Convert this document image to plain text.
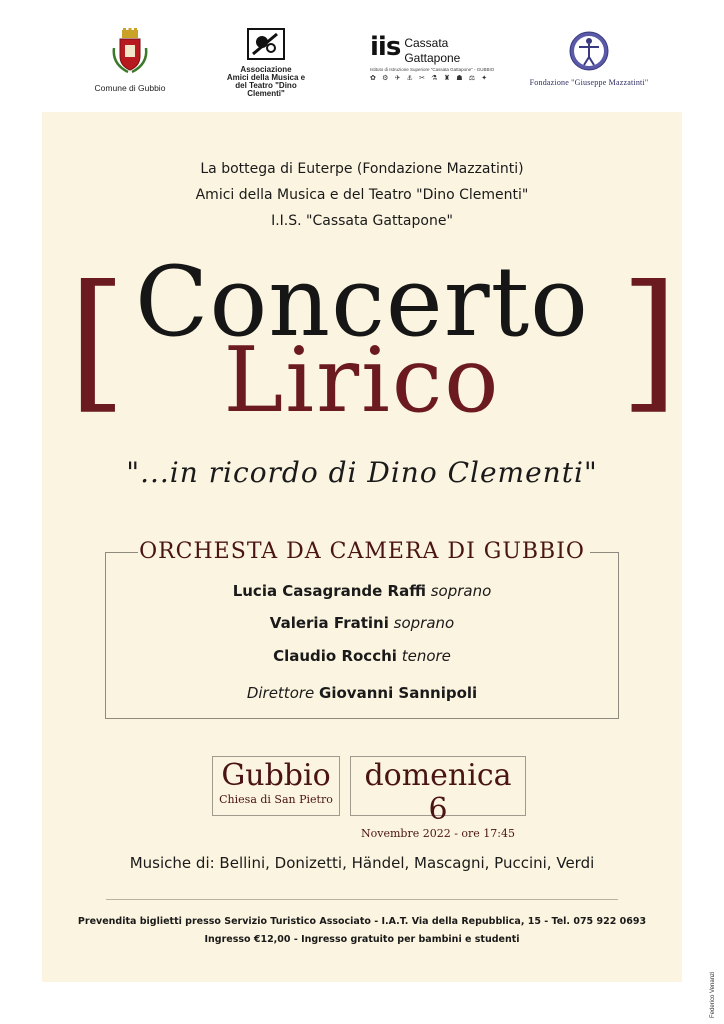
Comune di Gubbio
Associazione
Amici della Musica e
del Teatro "Dino Clementi"
iis Cassata
Gattapone
Istituto di Istruzione Superiore "Cassata Gattapone" - GUBBIO
✿ ⚙ ✈ ⚓ ✂ ⚗ ♜ ☗ ⚖ ✦	Fondazione "Giuseppe Mazzatinti"
La bottega di Euterpe (Fondazione Mazzatinti)
Amici della Musica e del Teatro "Dino Clementi"
I.I.S. "Cassata Gattapone"
[	]
Concerto
Lirico
"...in ricordo di Dino Clementi"
ORCHESTA DA CAMERA DI GUBBIO
Lucia Casagrande Raffi soprano
Valeria Fratini soprano
Claudio Rocchi tenore
Direttore Giovanni Sannipoli
Gubbio
Chiesa di San Pietro
domenica 6
Novembre 2022 - ore 17:45
Musiche di: Bellini, Donizetti, Händel, Mascagni, Puccini, Verdi
Prevendita biglietti presso Servizio Turistico Associato - I.A.T. Via della Repubblica, 15 - Tel. 075 922 0693
Ingresso €12,00 - Ingresso gratuito per bambini e studenti
Federico Venanzi
